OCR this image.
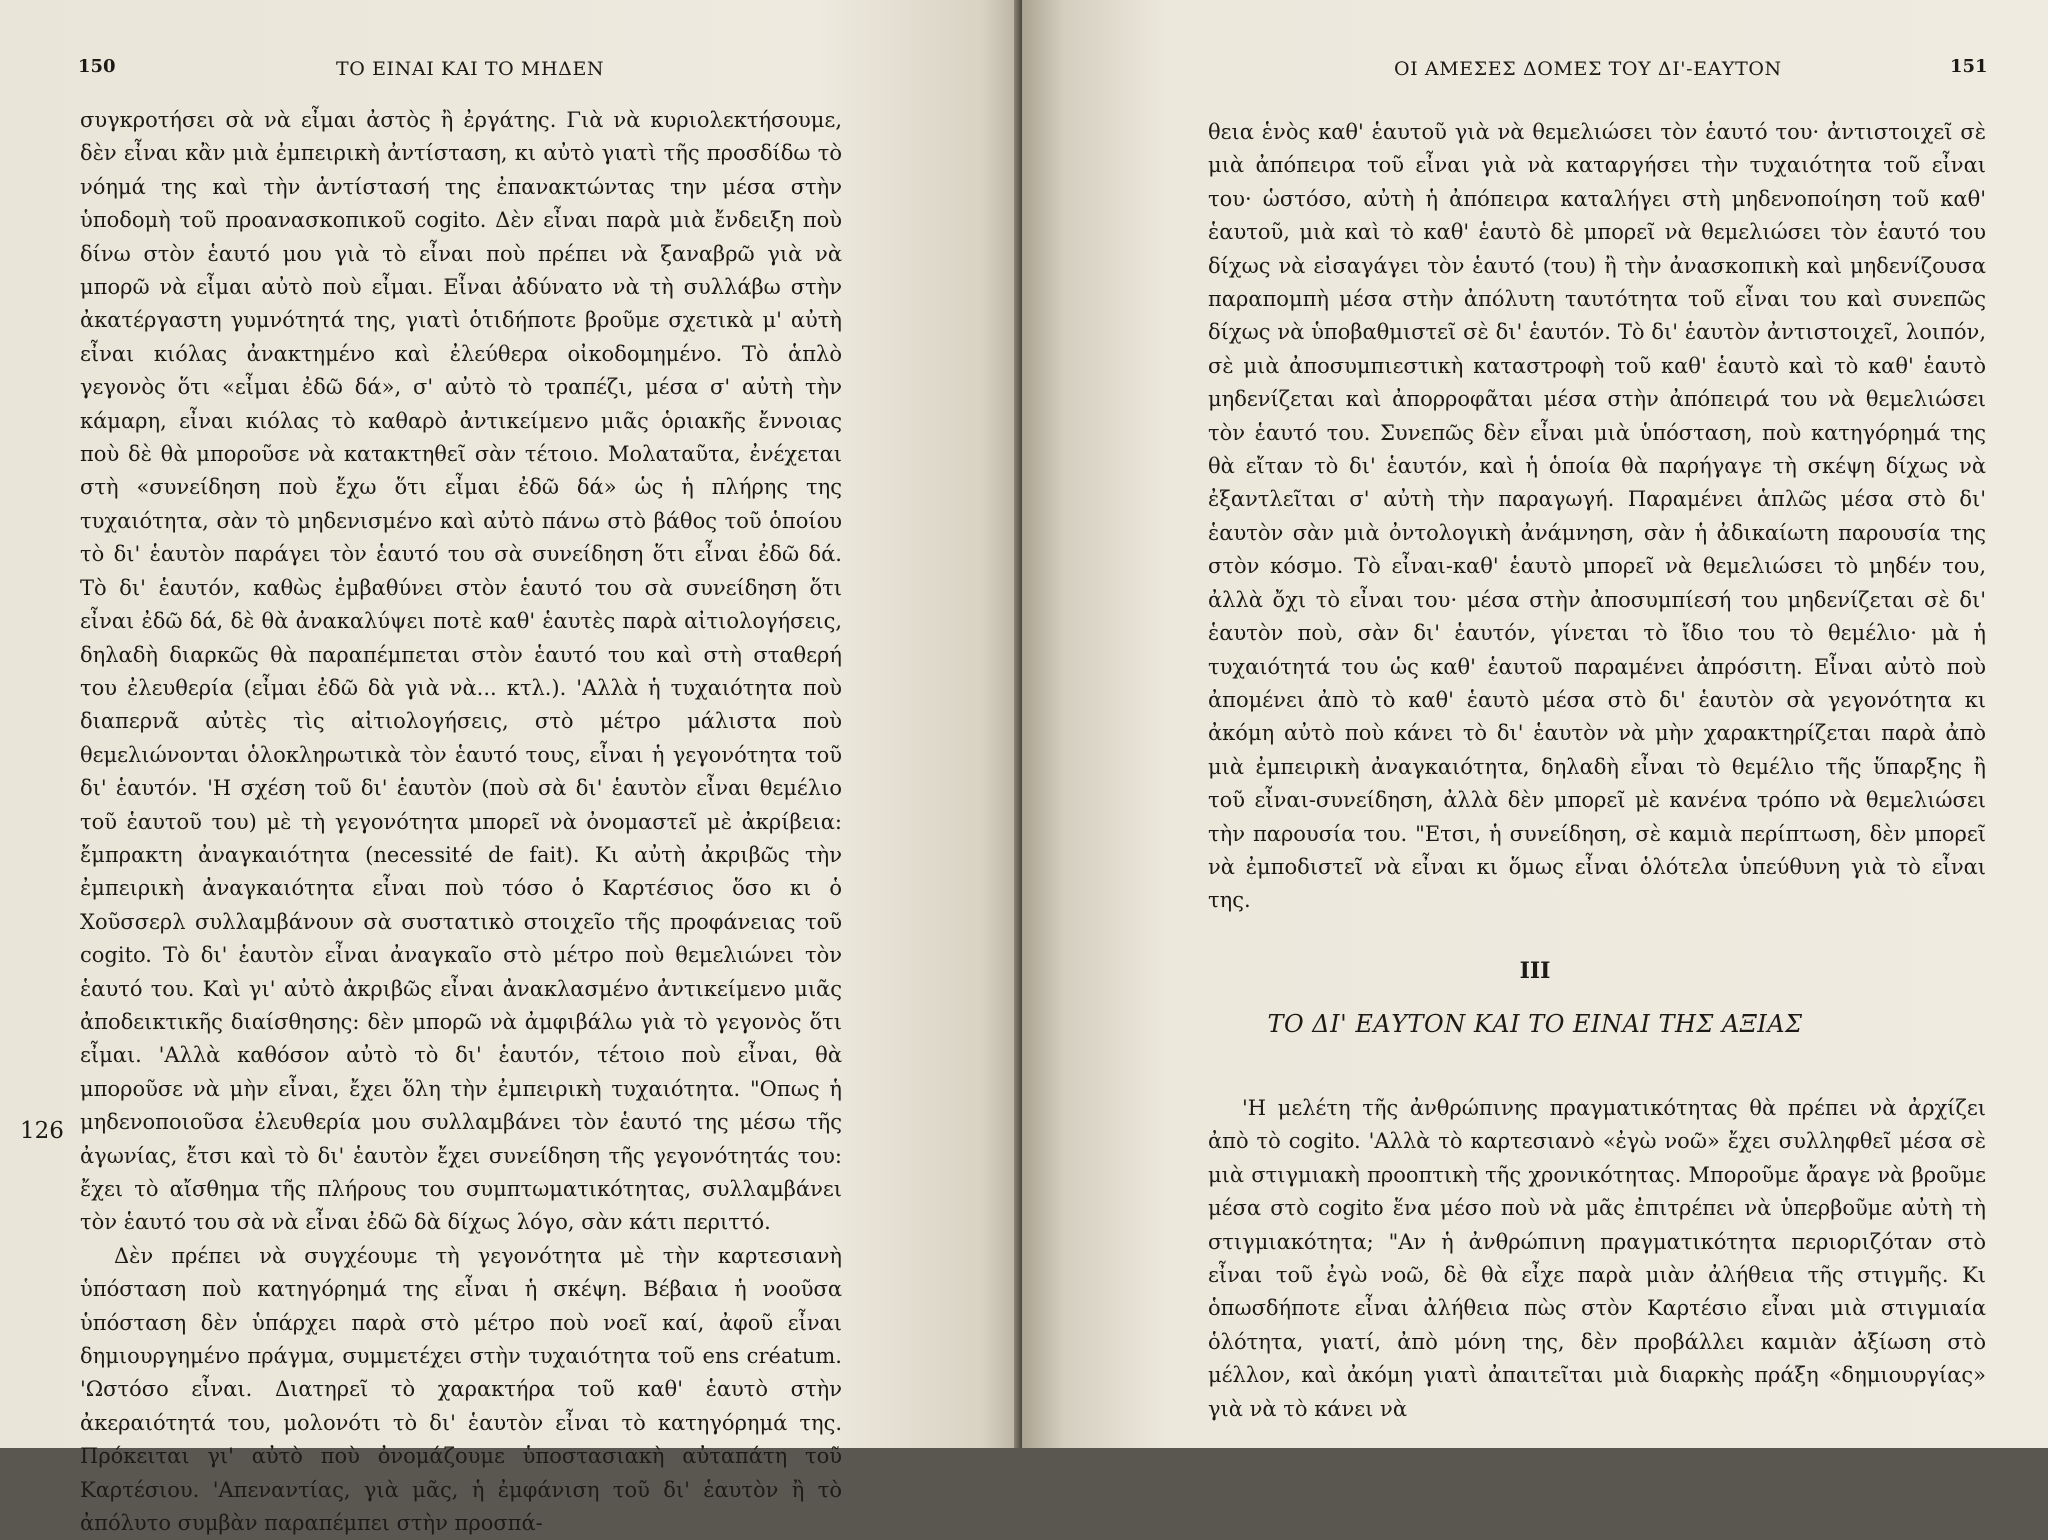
150	ΤΟ ΕΙΝΑΙ ΚΑΙ ΤΟ ΜΗΔΕΝ

συγκροτήσει σὰ νὰ εἶμαι ἀστὸς ἢ ἐργάτης. Γιὰ νὰ κυριολεκτήσουμε, δὲν εἶναι κἂν μιὰ ἐμπειρικὴ ἀντίσταση, κι αὐτὸ γιατὶ τῆς προσδίδω τὸ νόημά της καὶ τὴν ἀντίστασή της ἐπανακτώντας την μέσα στὴν ὑποδομὴ τοῦ προανασκοπικοῦ cogito. Δὲν εἶναι παρὰ μιὰ ἔνδειξη ποὺ δίνω στὸν ἑαυτό μου γιὰ τὸ εἶναι ποὺ πρέπει νὰ ξαναβρῶ γιὰ νὰ μπορῶ νὰ εἶμαι αὐτὸ ποὺ εἶμαι. Εἶναι ἀδύνατο νὰ τὴ συλλάβω στὴν ἀκατέργαστη γυμνότητά της, γιατὶ ὁτιδήποτε βροῦμε σχετικὰ μ' αὐτὴ εἶναι κιόλας ἀνακτημένο καὶ ἐλεύθερα οἰκοδομημένο. Τὸ ἁπλὸ γεγονὸς ὅτι «εἶμαι ἐδῶ δά», σ' αὐτὸ τὸ τραπέζι, μέσα σ' αὐτὴ τὴν κάμαρη, εἶναι κιόλας τὸ καθαρὸ ἀντικείμενο μιᾶς ὁριακῆς ἔννοιας ποὺ δὲ θὰ μποροῦσε νὰ κατακτηθεῖ σὰν τέτοιο. Μολαταῦτα, ἐνέχεται στὴ «συνείδηση ποὺ ἔχω ὅτι εἶμαι ἐδῶ δά» ὡς ἡ πλήρης της τυχαιότητα, σὰν τὸ μηδενισμένο καὶ αὐτὸ πάνω στὸ βάθος τοῦ ὁποίου τὸ δι' ἑαυτὸν παράγει τὸν ἑαυτό του σὰ συνείδηση ὅτι εἶναι ἐδῶ δά. Τὸ δι' ἑαυτόν, καθὼς ἐμβαθύνει στὸν ἑαυτό του σὰ συνείδηση ὅτι εἶναι ἐδῶ δά, δὲ θὰ ἀνακαλύψει ποτὲ καθ' ἑαυτὲς παρὰ αἰτιολογήσεις, δηλαδὴ διαρκῶς θὰ παραπέμπεται στὸν ἑαυτό του καὶ στὴ σταθερή του ἐλευθερία (εἶμαι ἐδῶ δὰ γιὰ νὰ... κτλ.). 'Αλλὰ ἡ τυχαιότητα ποὺ διαπερνᾶ αὐτὲς τὶς αἰτιολογήσεις, στὸ μέτρο μάλιστα ποὺ θεμελιώνονται ὁλοκληρωτικὰ τὸν ἑαυτό τους, εἶναι ἡ γεγονότητα τοῦ δι' ἑαυτόν. 'Η σχέση τοῦ δι' ἑαυτὸν (ποὺ σὰ δι' ἑαυτὸν εἶναι θεμέλιο τοῦ ἑαυτοῦ του) μὲ τὴ γεγονότητα μπορεῖ νὰ ὀνομαστεῖ μὲ ἀκρίβεια: ἔμπρακτη ἀναγκαιότητα (necessité de fait). Κι αὐτὴ ἀκριβῶς τὴν ἐμπειρικὴ ἀναγκαιότητα εἶναι ποὺ τόσο ὁ Καρτέσιος ὅσο κι ὁ Χοῦσσερλ συλλαμβάνουν σὰ συστατικὸ στοιχεῖο τῆς προφάνειας τοῦ cogito. Τὸ δι' ἑαυτὸν εἶναι ἀναγκαῖο στὸ μέτρο ποὺ θεμελιώνει τὸν ἑαυτό του. Καὶ γι' αὐτὸ ἀκριβῶς εἶναι ἀνακλασμένο ἀντικείμενο μιᾶς ἀποδεικτικῆς διαίσθησης: δὲν μπορῶ νὰ ἀμφιβάλω γιὰ τὸ γεγονὸς ὅτι εἶμαι. 'Αλλὰ καθόσον αὐτὸ τὸ δι' ἑαυτόν, τέτοιο ποὺ εἶναι, θὰ μποροῦσε νὰ μὴν εἶναι, ἔχει ὅλη τὴν ἐμπειρικὴ τυχαιότητα. "Οπως ἡ μηδενοποιοῦσα ἐλευθερία μου συλλαμβάνει τὸν ἑαυτό της μέσω τῆς ἀγωνίας, ἔτσι καὶ τὸ δι' ἑαυτὸν ἔχει συνείδηση τῆς γεγονότητάς του: ἔχει τὸ αἴσθημα τῆς πλήρους του συμπτωματικότητας, συλλαμβάνει τὸν ἑαυτό του σὰ νὰ εἶναι ἐδῶ δὰ δίχως λόγο, σὰν κάτι περιττό.

Δὲν πρέπει νὰ συγχέουμε τὴ γεγονότητα μὲ τὴν καρτεσιανὴ ὑπόσταση ποὺ κατηγόρημά της εἶναι ἡ σκέψη. Βέβαια ἡ νοοῦσα ὑπόσταση δὲν ὑπάρχει παρὰ στὸ μέτρο ποὺ νοεῖ καί, ἀφοῦ εἶναι δημιουργημένο πράγμα, συμμετέχει στὴν τυχαιότητα τοῦ ens créatum. 'Ωστόσο εἶναι. Διατηρεῖ τὸ χαρακτήρα τοῦ καθ' ἑαυτὸ στὴν ἀκεραιότητά του, μολονότι τὸ δι' ἑαυτὸν εἶναι τὸ κατηγόρημά της. Πρόκειται γι' αὐτὸ ποὺ ὀνομάζουμε ὑποστασιακὴ αὐταπάτη τοῦ Καρτέσιου. 'Απεναντίας, γιὰ μᾶς, ἡ ἐμφάνιση τοῦ δι' ἑαυτὸν ἢ τὸ ἀπόλυτο συμβὰν παραπέμπει στὴν προσπά-

126
ΟΙ ΑΜΕΣΕΣ ΔΟΜΕΣ ΤΟΥ ΔΙ'-ΕΑΥΤΟΝ	151

θεια ἑνὸς καθ' ἑαυτοῦ γιὰ νὰ θεμελιώσει τὸν ἑαυτό του· ἀντιστοιχεῖ σὲ μιὰ ἀπόπειρα τοῦ εἶναι γιὰ νὰ καταργήσει τὴν τυχαιότητα τοῦ εἶναι του· ὡστόσο, αὐτὴ ἡ ἀπόπειρα καταλήγει στὴ μηδενοποίηση τοῦ καθ' ἑαυτοῦ, μιὰ καὶ τὸ καθ' ἑαυτὸ δὲ μπορεῖ νὰ θεμελιώσει τὸν ἑαυτό του δίχως νὰ εἰσαγάγει τὸν ἑαυτό (του) ἢ τὴν ἀνασκοπικὴ καὶ μηδενίζουσα παραπομπὴ μέσα στὴν ἀπόλυτη ταυτότητα τοῦ εἶναι του καὶ συνεπῶς δίχως νὰ ὑποβαθμιστεῖ σὲ δι' ἑαυτόν. Τὸ δι' ἑαυτὸν ἀντιστοιχεῖ, λοιπόν, σὲ μιὰ ἀποσυμπιεστικὴ καταστροφὴ τοῦ καθ' ἑαυτὸ καὶ τὸ καθ' ἑαυτὸ μηδενίζεται καὶ ἀπορροφᾶται μέσα στὴν ἀπόπειρά του νὰ θεμελιώσει τὸν ἑαυτό του. Συνεπῶς δὲν εἶναι μιὰ ὑπόσταση, ποὺ κατηγόρημά της θὰ εἴταν τὸ δι' ἑαυτόν, καὶ ἡ ὁποία θὰ παρήγαγε τὴ σκέψη δίχως νὰ ἐξαντλεῖται σ' αὐτὴ τὴν παραγωγή. Παραμένει ἁπλῶς μέσα στὸ δι' ἑαυτὸν σὰν μιὰ ὀντολογικὴ ἀνάμνηση, σὰν ἡ ἀδικαίωτη παρουσία της στὸν κόσμο. Τὸ εἶναι-καθ' ἑαυτὸ μπορεῖ νὰ θεμελιώσει τὸ μηδέν του, ἀλλὰ ὄχι τὸ εἶναι του· μέσα στὴν ἀποσυμπίεσή του μηδενίζεται σὲ δι' ἑαυτὸν ποὺ, σὰν δι' ἑαυτόν, γίνεται τὸ ἴδιο του τὸ θεμέλιο· μὰ ἡ τυχαιότητά του ὡς καθ' ἑαυτοῦ παραμένει ἀπρόσιτη. Εἶναι αὐτὸ ποὺ ἀπομένει ἀπὸ τὸ καθ' ἑαυτὸ μέσα στὸ δι' ἑαυτὸν σὰ γεγονότητα κι ἀκόμη αὐτὸ ποὺ κάνει τὸ δι' ἑαυτὸν νὰ μὴν χαρακτηρίζεται παρὰ ἀπὸ μιὰ ἐμπειρικὴ ἀναγκαιότητα, δηλαδὴ εἶναι τὸ θεμέλιο τῆς ὕπαρξης ἢ τοῦ εἶναι-συνείδηση, ἀλλὰ δὲν μπορεῖ μὲ κανένα τρόπο νὰ θεμελιώσει τὴν παρουσία του. "Ετσι, ἡ συνείδηση, σὲ καμιὰ περίπτωση, δὲν μπορεῖ νὰ ἐμποδιστεῖ νὰ εἶναι κι ὅμως εἶναι ὁλότελα ὑπεύθυνη γιὰ τὸ εἶναι της.

III
ΤΟ ΔΙ' ΕΑΥΤΟΝ ΚΑΙ ΤΟ ΕΙΝΑΙ ΤΗΣ ΑΞΙΑΣ

'Η μελέτη τῆς ἀνθρώπινης πραγματικότητας θὰ πρέπει νὰ ἀρχίζει ἀπὸ τὸ cogito. 'Αλλὰ τὸ καρτεσιανὸ «ἐγὼ νοῶ» ἔχει συλληφθεῖ μέσα σὲ μιὰ στιγμιακὴ προοπτικὴ τῆς χρονικότητας. Μποροῦμε ἄραγε νὰ βροῦμε μέσα στὸ cogito ἕνα μέσο ποὺ νὰ μᾶς ἐπιτρέπει νὰ ὑπερβοῦμε αὐτὴ τὴ στιγμιακότητα; "Αν ἡ ἀνθρώπινη πραγματικότητα περιοριζόταν στὸ εἶναι τοῦ ἐγὼ νοῶ, δὲ θὰ εἶχε παρὰ μιὰν ἀλήθεια τῆς στιγμῆς. Κι ὁπωσδήποτε εἶναι ἀλήθεια πὼς στὸν Καρτέσιο εἶναι μιὰ στιγμιαία ὁλότητα, γιατί, ἀπὸ μόνη της, δὲν προβάλλει καμιὰν ἀξίωση στὸ μέλλον, καὶ ἀκόμη γιατὶ ἀπαιτεῖται μιὰ διαρκὴς πράξη «δημιουργίας» γιὰ νὰ τὸ κάνει νὰ
